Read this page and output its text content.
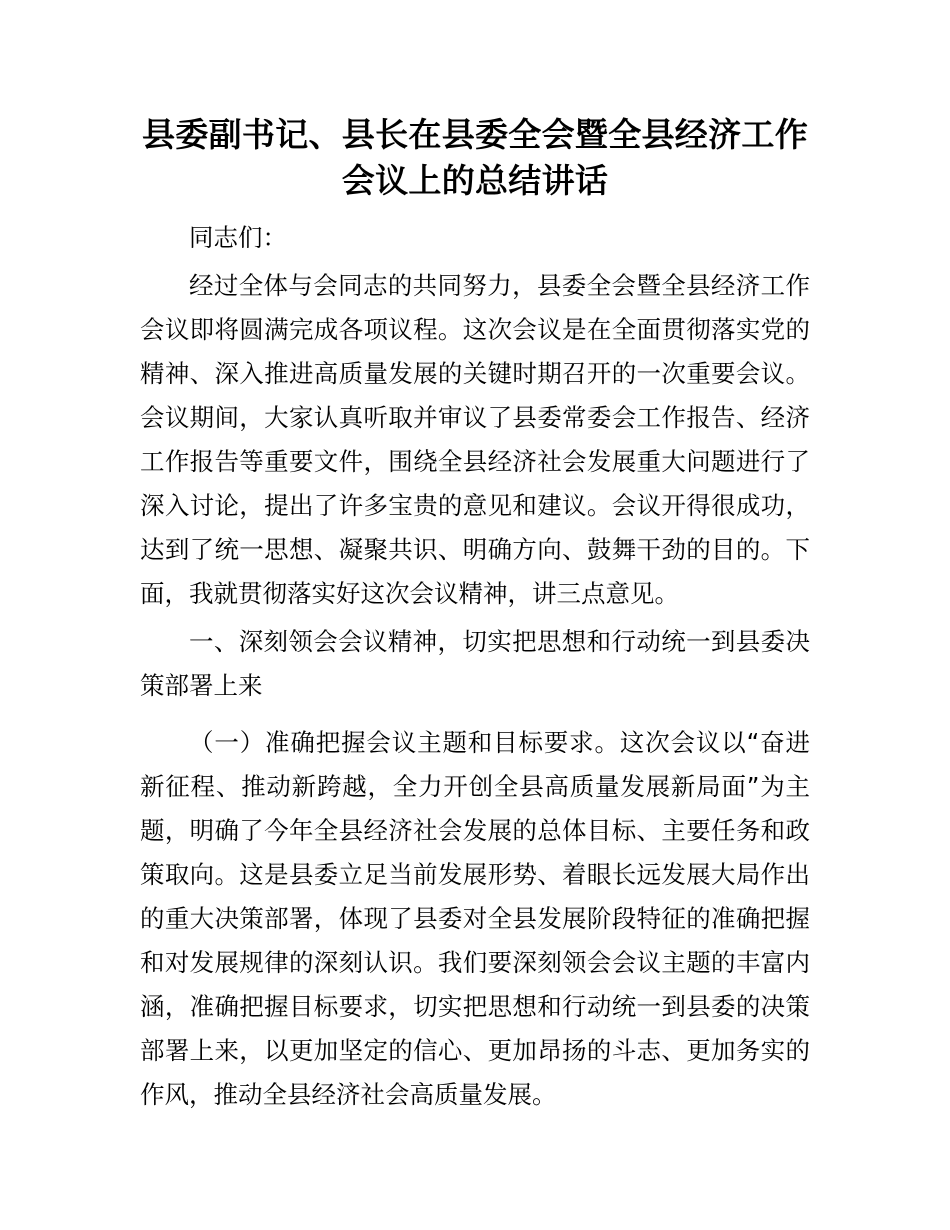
县委副书记、县长在县委全会暨全县经济工作
会议上的总结讲话

同志们：

经过全体与会同志的共同努力，县委全会暨全县经济工作会议即将圆满完成各项议程。这次会议是在全面贯彻落实党的精神、深入推进高质量发展的关键时期召开的一次重要会议。会议期间，大家认真听取并审议了县委常委会工作报告、经济工作报告等重要文件，围绕全县经济社会发展重大问题进行了深入讨论，提出了许多宝贵的意见和建议。会议开得很成功，达到了统一思想、凝聚共识、明确方向、鼓舞干劲的目的。下面，我就贯彻落实好这次会议精神，讲三点意见。

一、深刻领会会议精神，切实把思想和行动统一到县委决策部署上来

（一）准确把握会议主题和目标要求。这次会议以“奋进新征程、推动新跨越，全力开创全县高质量发展新局面”为主题，明确了今年全县经济社会发展的总体目标、主要任务和政策取向。这是县委立足当前发展形势、着眼长远发展大局作出的重大决策部署，体现了县委对全县发展阶段特征的准确把握和对发展规律的深刻认识。我们要深刻领会会议主题的丰富内涵，准确把握目标要求，切实把思想和行动统一到县委的决策部署上来，以更加坚定的信心、更加昂扬的斗志、更加务实的作风，推动全县经济社会高质量发展。
